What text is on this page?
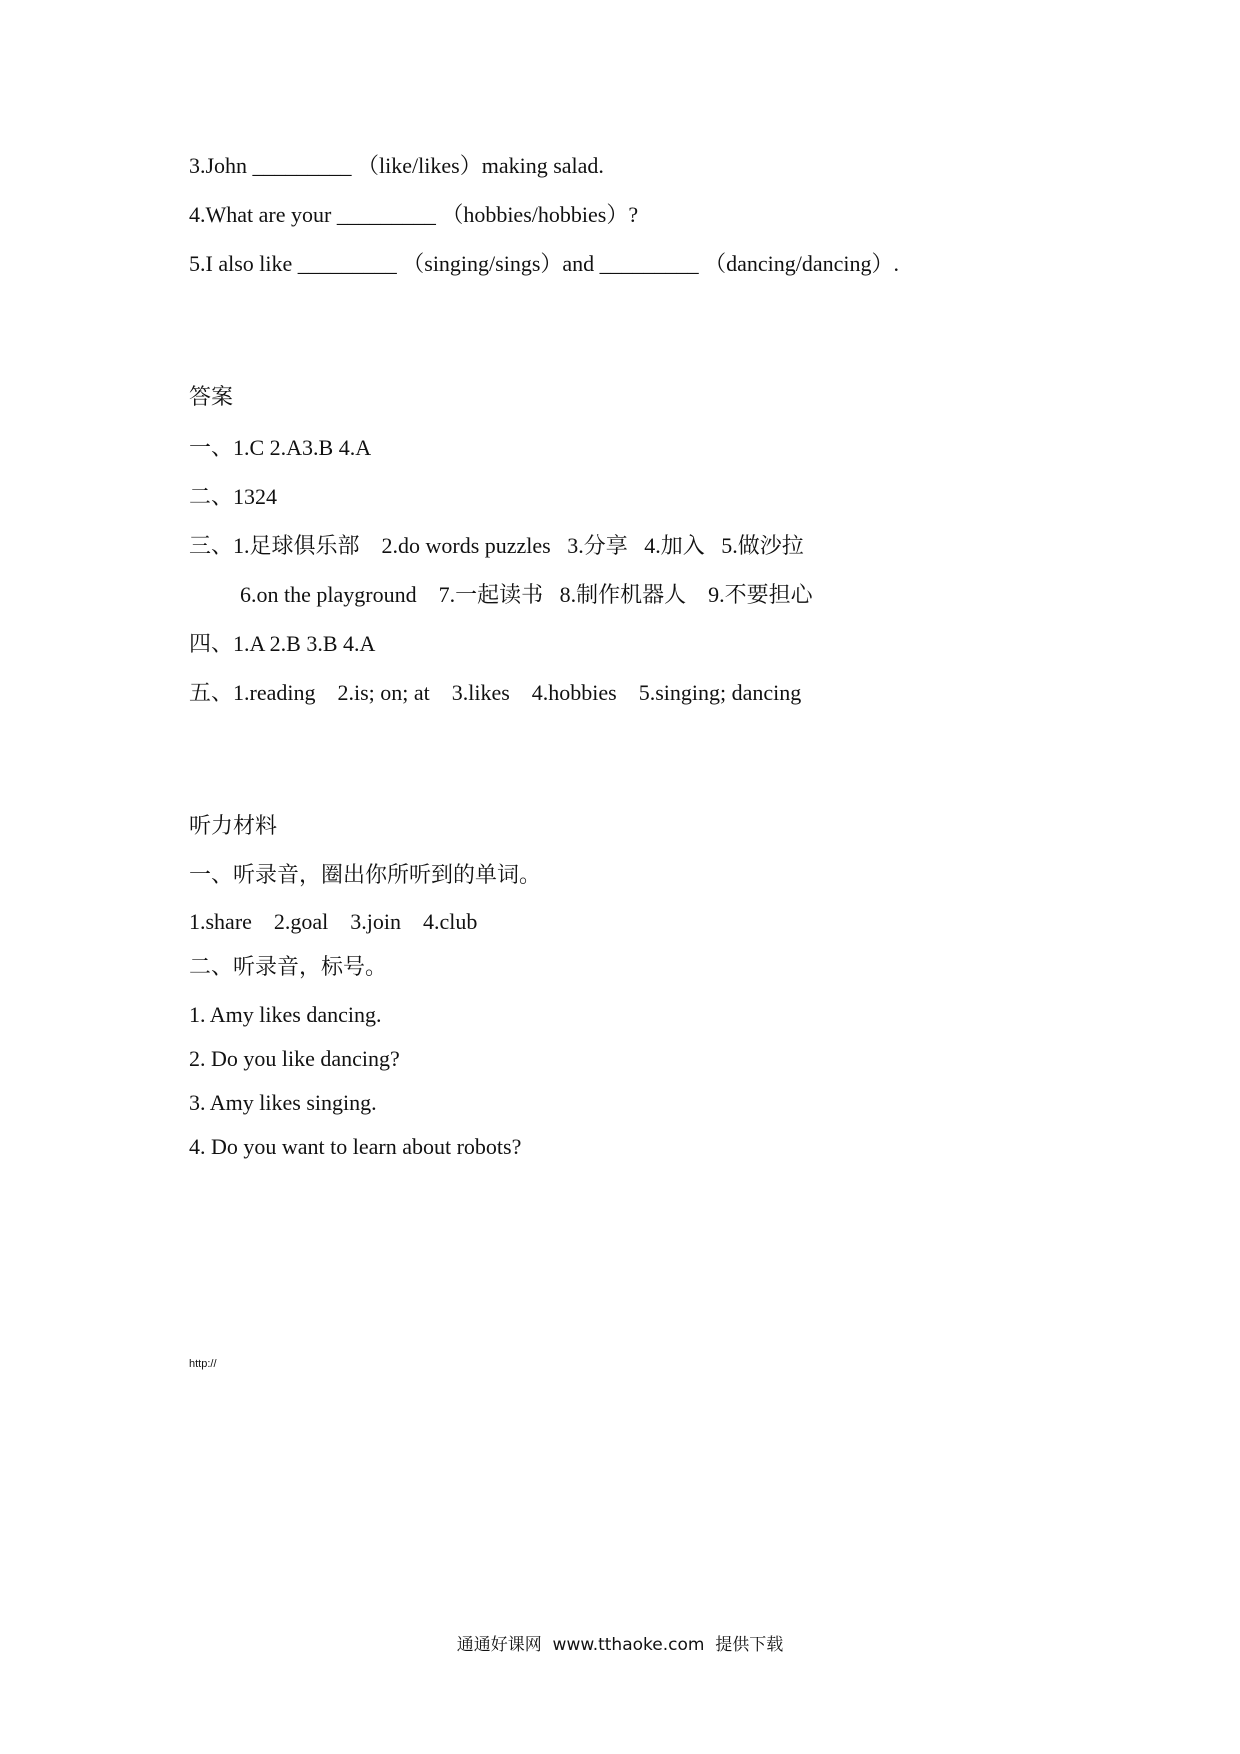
3.John _________ （like/likes）making salad.
4.What are your _________ （hobbies/hobbies）?
5.I also like _________ （singing/sings）and _________ （dancing/dancing）.
答案
一、1.C 2.A3.B 4.A
二、1324
三、1.足球俱乐部    2.do words puzzles   3.分享   4.加入   5.做沙拉
6.on the playground    7.一起读书   8.制作机器人    9.不要担心
四、1.A 2.B 3.B 4.A
五、1.reading    2.is; on; at    3.likes    4.hobbies    5.singing; dancing
听力材料
一、听录音，圈出你所听到的单词。
1.share    2.goal    3.join    4.club
二、听录音，标号。
1. Amy likes dancing.
2. Do you like dancing?
3. Amy likes singing.
4. Do you want to learn about robots?
http://
通通好课网  www.tthaoke.com  提供下载
